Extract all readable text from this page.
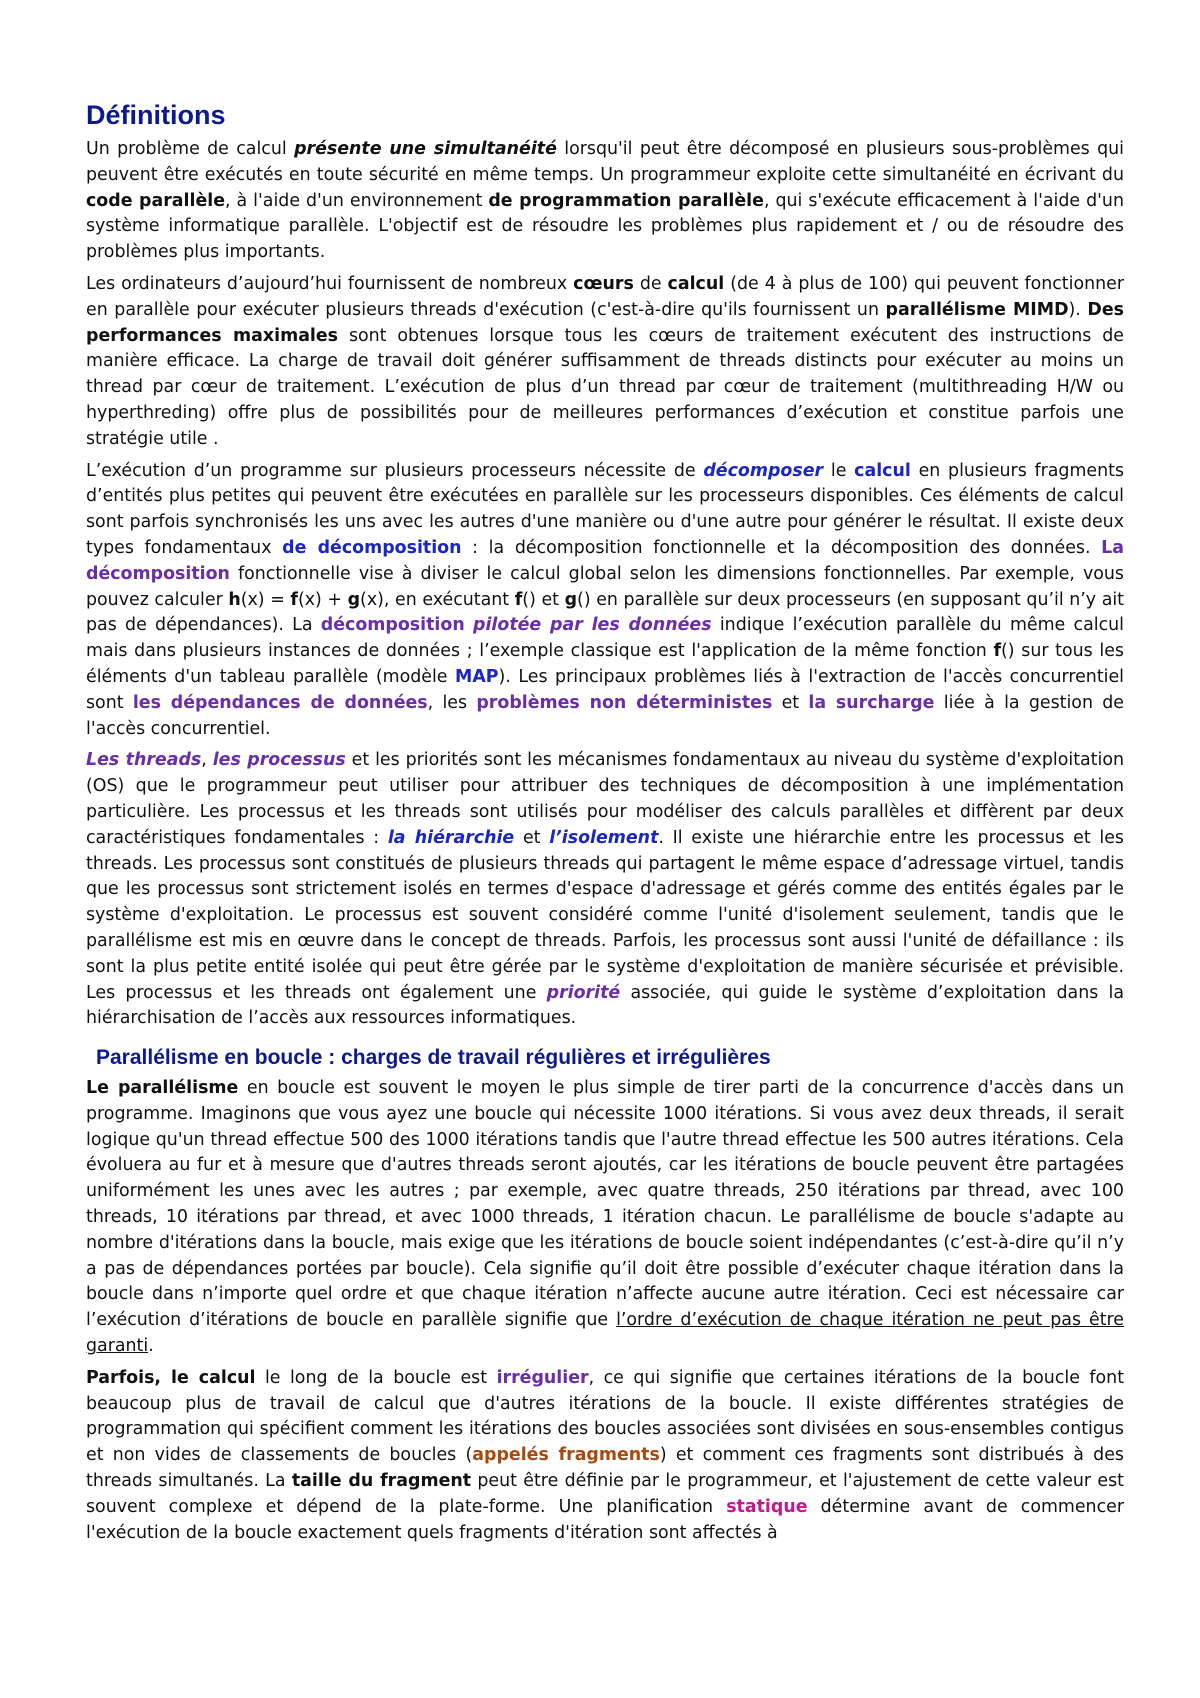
Définitions

Un problème de calcul présente une simultanéité lorsqu'il peut être décomposé en plusieurs sous-problèmes qui peuvent être exécutés en toute sécurité en même temps. Un programmeur exploite cette simultanéité en écrivant du code parallèle, à l'aide d'un environnement de programmation parallèle, qui s'exécute efficacement à l'aide d'un système informatique parallèle. L'objectif est de résoudre les problèmes plus rapidement et / ou de résoudre des problèmes plus importants.

Les ordinateurs d’aujourd’hui fournissent de nombreux cœurs de calcul (de 4 à plus de 100) qui peuvent fonctionner en parallèle pour exécuter plusieurs threads d'exécution (c'est-à-dire qu'ils fournissent un parallélisme MIMD). Des performances maximales sont obtenues lorsque tous les cœurs de traitement exécutent des instructions de manière efficace. La charge de travail doit générer suffisamment de threads distincts pour exécuter au moins un thread par cœur de traitement. L’exécution de plus d’un thread par cœur de traitement (multithreading H/W ou hyperthreding) offre plus de possibilités pour de meilleures performances d’exécution et constitue parfois une stratégie utile .

L’exécution d’un programme sur plusieurs processeurs nécessite de décomposer le calcul en plusieurs fragments d’entités plus petites qui peuvent être exécutées en parallèle sur les processeurs disponibles. Ces éléments de calcul sont parfois synchronisés les uns avec les autres d'une manière ou d'une autre pour générer le résultat. Il existe deux types fondamentaux de décomposition : la décomposition fonctionnelle et la décomposition des données. La décomposition fonctionnelle vise à diviser le calcul global selon les dimensions fonctionnelles. Par exemple, vous pouvez calculer h(x) = f(x) + g(x), en exécutant f() et g() en parallèle sur deux processeurs (en supposant qu’il n’y ait pas de dépendances). La décomposition pilotée par les données indique l’exécution parallèle du même calcul mais dans plusieurs instances de données ; l’exemple classique est l'application de la même fonction f() sur tous les éléments d'un tableau parallèle (modèle MAP). Les principaux problèmes liés à l'extraction de l'accès concurrentiel sont les dépendances de données, les problèmes non déterministes et la surcharge liée à la gestion de l'accès concurrentiel.

Les threads, les processus et les priorités sont les mécanismes fondamentaux au niveau du système d'exploitation (OS) que le programmeur peut utiliser pour attribuer des techniques de décomposition à une implémentation particulière. Les processus et les threads sont utilisés pour modéliser des calculs parallèles et diffèrent par deux caractéristiques fondamentales : la hiérarchie et l’isolement. Il existe une hiérarchie entre les processus et les threads. Les processus sont constitués de plusieurs threads qui partagent le même espace d’adressage virtuel, tandis que les processus sont strictement isolés en termes d'espace d'adressage et gérés comme des entités égales par le système d'exploitation. Le processus est souvent considéré comme l'unité d'isolement seulement, tandis que le parallélisme est mis en œuvre dans le concept de threads. Parfois, les processus sont aussi l'unité de défaillance : ils sont la plus petite entité isolée qui peut être gérée par le système d'exploitation de manière sécurisée et prévisible. Les processus et les threads ont également une priorité associée, qui guide le système d’exploitation dans la hiérarchisation de l’accès aux ressources informatiques.

Parallélisme en boucle : charges de travail régulières et irrégulières

Le parallélisme en boucle est souvent le moyen le plus simple de tirer parti de la concurrence d'accès dans un programme. Imaginons que vous ayez une boucle qui nécessite 1000 itérations. Si vous avez deux threads, il serait logique qu'un thread effectue 500 des 1000 itérations tandis que l'autre thread effectue les 500 autres itérations. Cela évoluera au fur et à mesure que d'autres threads seront ajoutés, car les itérations de boucle peuvent être partagées uniformément les unes avec les autres ; par exemple, avec quatre threads, 250 itérations par thread, avec 100 threads, 10 itérations par thread, et avec 1000 threads, 1 itération chacun. Le parallélisme de boucle s'adapte au nombre d'itérations dans la boucle, mais exige que les itérations de boucle soient indépendantes (c’est-à-dire qu’il n’y a pas de dépendances portées par boucle). Cela signifie qu’il doit être possible d’exécuter chaque itération dans la boucle dans n’importe quel ordre et que chaque itération n’affecte aucune autre itération. Ceci est nécessaire car l’exécution d’itérations de boucle en parallèle signifie que l’ordre d’exécution de chaque itération ne peut pas être garanti.

Parfois, le calcul le long de la boucle est irrégulier, ce qui signifie que certaines itérations de la boucle font beaucoup plus de travail de calcul que d'autres itérations de la boucle. Il existe différentes stratégies de programmation qui spécifient comment les itérations des boucles associées sont divisées en sous-ensembles contigus et non vides de classements de boucles (appelés fragments) et comment ces fragments sont distribués à des threads simultanés. La taille du fragment peut être définie par le programmeur, et l'ajustement de cette valeur est souvent complexe et dépend de la plate-forme. Une planification statique détermine avant de commencer l'exécution de la boucle exactement quels fragments d'itération sont affectés à
